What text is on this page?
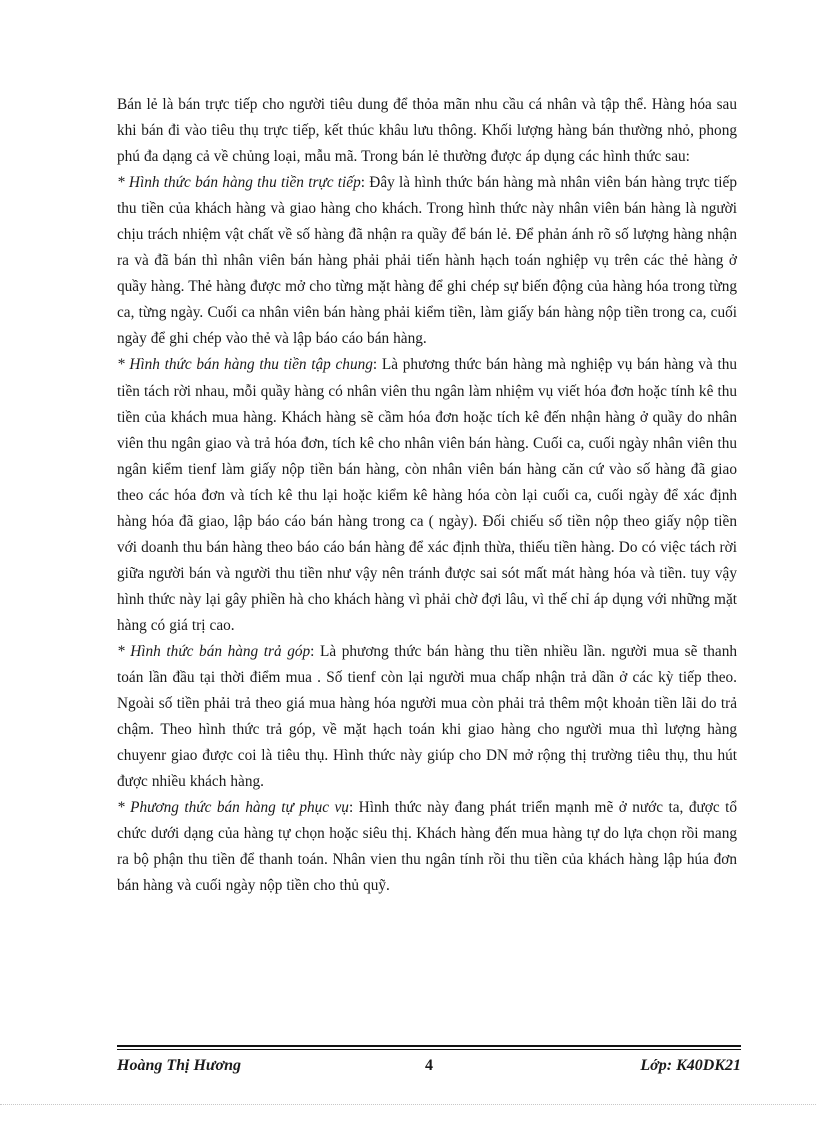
Bán lẻ là bán trực tiếp cho người tiêu dung để thỏa mãn nhu cầu cá nhân và tập thể. Hàng hóa sau khi bán đi vào tiêu thụ trực tiếp, kết thúc khâu lưu thông. Khối lượng hàng bán thường nhỏ, phong phú đa dạng cả về chủng loại, mẫu mã. Trong bán lẻ thường được áp dụng các hình thức sau:

* Hình thức bán hàng thu tiền trực tiếp: Đây là hình thức bán hàng mà nhân viên bán hàng trực tiếp thu tiền của khách hàng và giao hàng cho khách. Trong hình thức này nhân viên bán hàng là người chịu trách nhiệm vật chất về số hàng đã nhận ra quầy để bán lẻ. Để phản ánh rõ số lượng hàng nhận ra và đã bán thì nhân viên bán hàng phải phải tiến hành hạch toán nghiệp vụ trên các thẻ hàng ở quầy hàng. Thẻ hàng được mở cho từng mặt hàng để ghi chép sự biến động của hàng hóa trong từng ca, từng ngày. Cuối ca nhân viên bán hàng phải kiểm tiền, làm giấy bán hàng nộp tiền trong ca, cuối ngày để ghi chép vào thẻ và lập báo cáo bán hàng.

* Hình thức bán hàng thu tiền tập chung: Là phương thức bán hàng mà nghiệp vụ bán hàng và thu tiền tách rời nhau, mỗi quầy hàng có nhân viên thu ngân làm nhiệm vụ viết hóa đơn hoặc tính kê thu tiền của khách mua hàng. Khách hàng sẽ cầm hóa đơn hoặc tích kê đến nhận hàng ở quầy do nhân viên thu ngân giao và trả hóa đơn, tích kê cho nhân viên bán hàng. Cuối ca, cuối ngày nhân viên thu ngân kiểm tienf làm giấy nộp tiền bán hàng, còn nhân viên bán hàng căn cứ vào số hàng đã giao theo các hóa đơn và tích kê thu lại hoặc kiểm kê hàng hóa còn lại cuối ca, cuối ngày để xác định hàng hóa đã giao, lập báo cáo bán hàng trong ca ( ngày). Đối chiếu số tiền nộp theo giấy nộp tiền với doanh thu bán hàng theo báo cáo bán hàng để xác định thừa, thiếu tiền hàng. Do có việc tách rời giữa người bán và người thu tiền như vậy nên tránh được sai sót mất mát hàng hóa và tiền. tuy vậy hình thức này lại gây phiền hà cho khách hàng vì phải chờ đợi lâu, vì thế chỉ áp dụng với những mặt hàng có giá trị cao.

* Hình thức bán hàng trả góp: Là phương thức bán hàng thu tiền nhiều lần. người mua sẽ thanh toán lần đầu tại thời điểm mua . Số tienf còn lại người mua chấp nhận trả dần ở các kỳ tiếp theo. Ngoài số tiền phải trả theo giá mua hàng hóa người mua còn phải trả thêm một khoản tiền lãi do trả chậm. Theo hình thức trả góp, về mặt hạch toán khi giao hàng cho người mua thì lượng hàng chuyenr giao được coi là tiêu thụ. Hình thức này giúp cho DN mở rộng thị trường tiêu thụ, thu hút được nhiều khách hàng.

* Phương thức bán hàng tự phục vụ: Hình thức này đang phát triển mạnh mẽ ở nước ta, được tổ chức dưới dạng của hàng tự chọn hoặc siêu thị. Khách hàng đến mua hàng tự do lựa chọn rồi mang ra bộ phận thu tiền để thanh toán. Nhân vien thu ngân tính rồi thu tiền của khách hàng lập húa đơn bán hàng và cuối ngày nộp tiền cho thủ quỹ.

Hoàng Thị Hương	4	Lớp: K40DK21
